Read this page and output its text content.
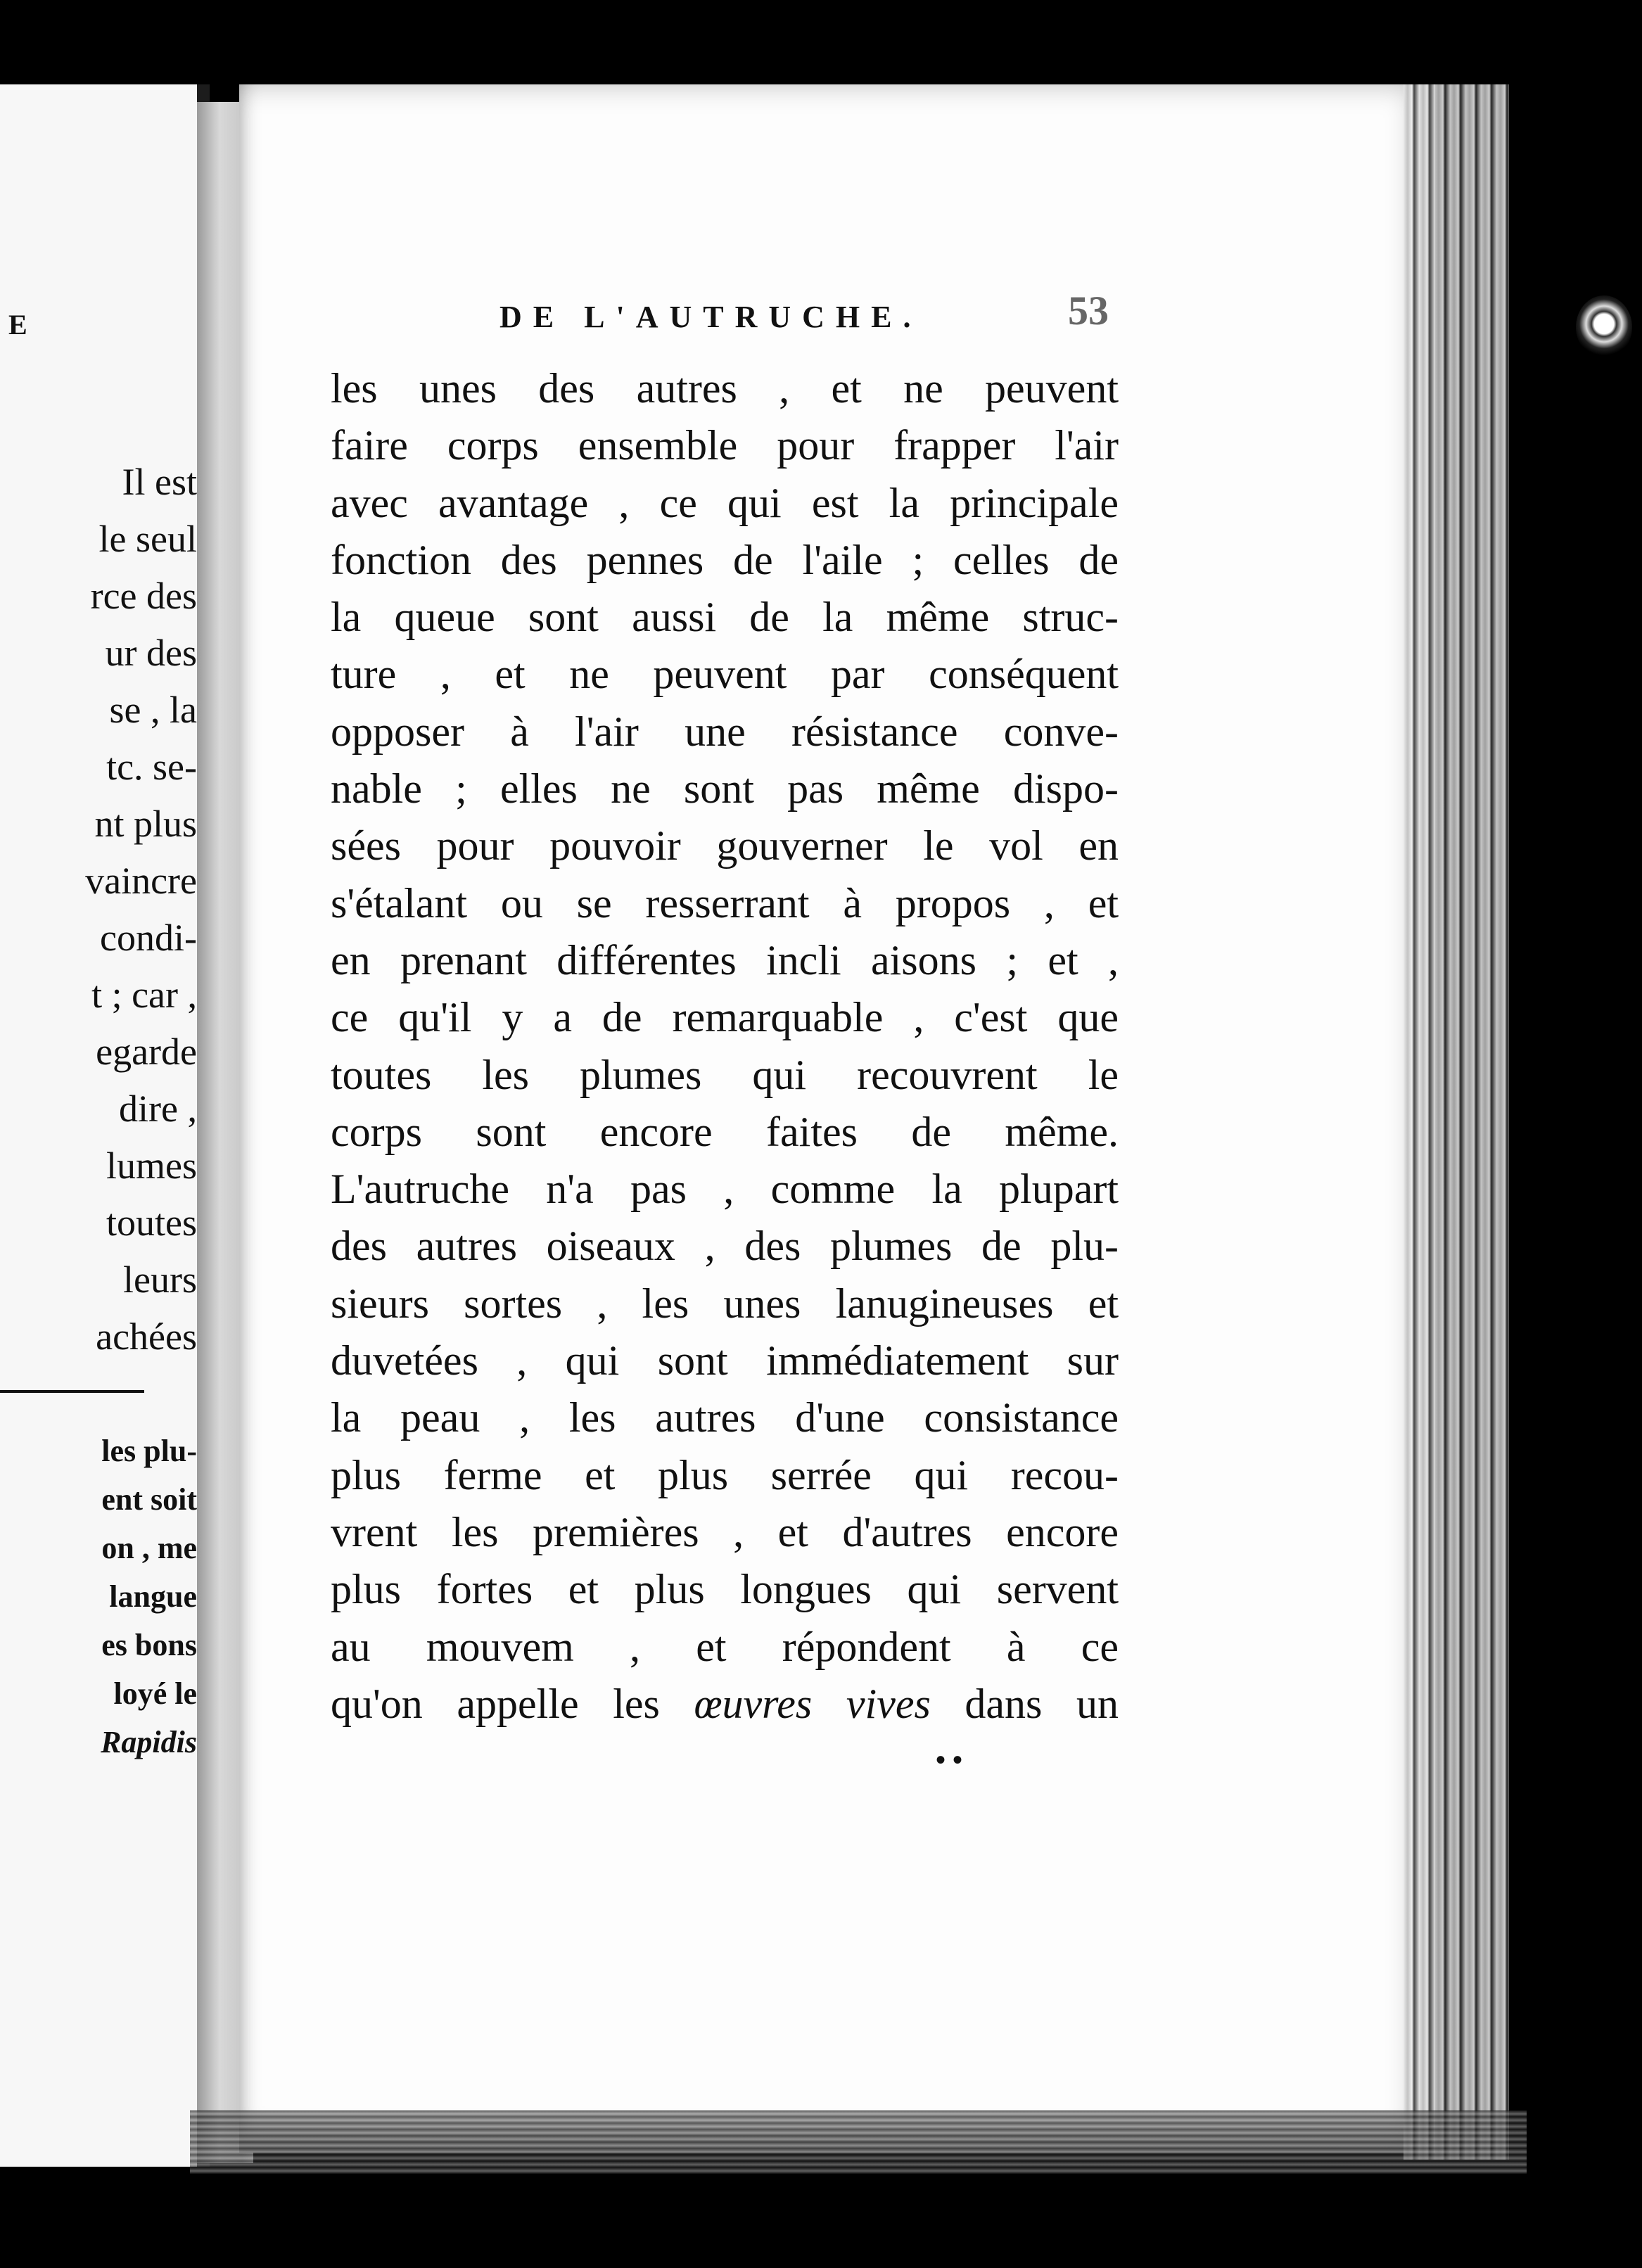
E
Il est
le seul
rce des
ur des
se , la
tc. se-
nt plus
vaincre
condi-
t ; car ,
egarde
dire ,
lumes
toutes
leurs
achées
les plu-
ent soit
on , me
langue
es bons
loyé le
Rapidis
DE L'AUTRUCHE.	53
les unes des autres , et ne peuvent
faire corps ensemble pour frapper l'air
avec avantage , ce qui est la principale
fonction des pennes de l'aile ; celles de
la queue sont aussi de la même struc-
ture , et ne peuvent par conséquent
opposer à l'air une résistance conve-
nable ; elles ne sont pas même dispo-
sées pour pouvoir gouverner le vol en
s'étalant ou se resserrant à propos , et
en prenant différentes incli aisons ; et ,
ce qu'il y a de remarquable , c'est que
toutes les plumes qui recouvrent le
corps sont encore faites de même.
L'autruche n'a pas , comme la plupart
des autres oiseaux , des plumes de plu-
sieurs sortes , les unes lanugineuses et
duvetées , qui sont immédiatement sur
la peau , les autres d'une consistance
plus ferme et plus serrée qui recou-
vrent les premières , et d'autres encore
plus fortes et plus longues qui servent
au mouvem , et répondent à ce
qu'on appelle les œuvres vives dans un
••
